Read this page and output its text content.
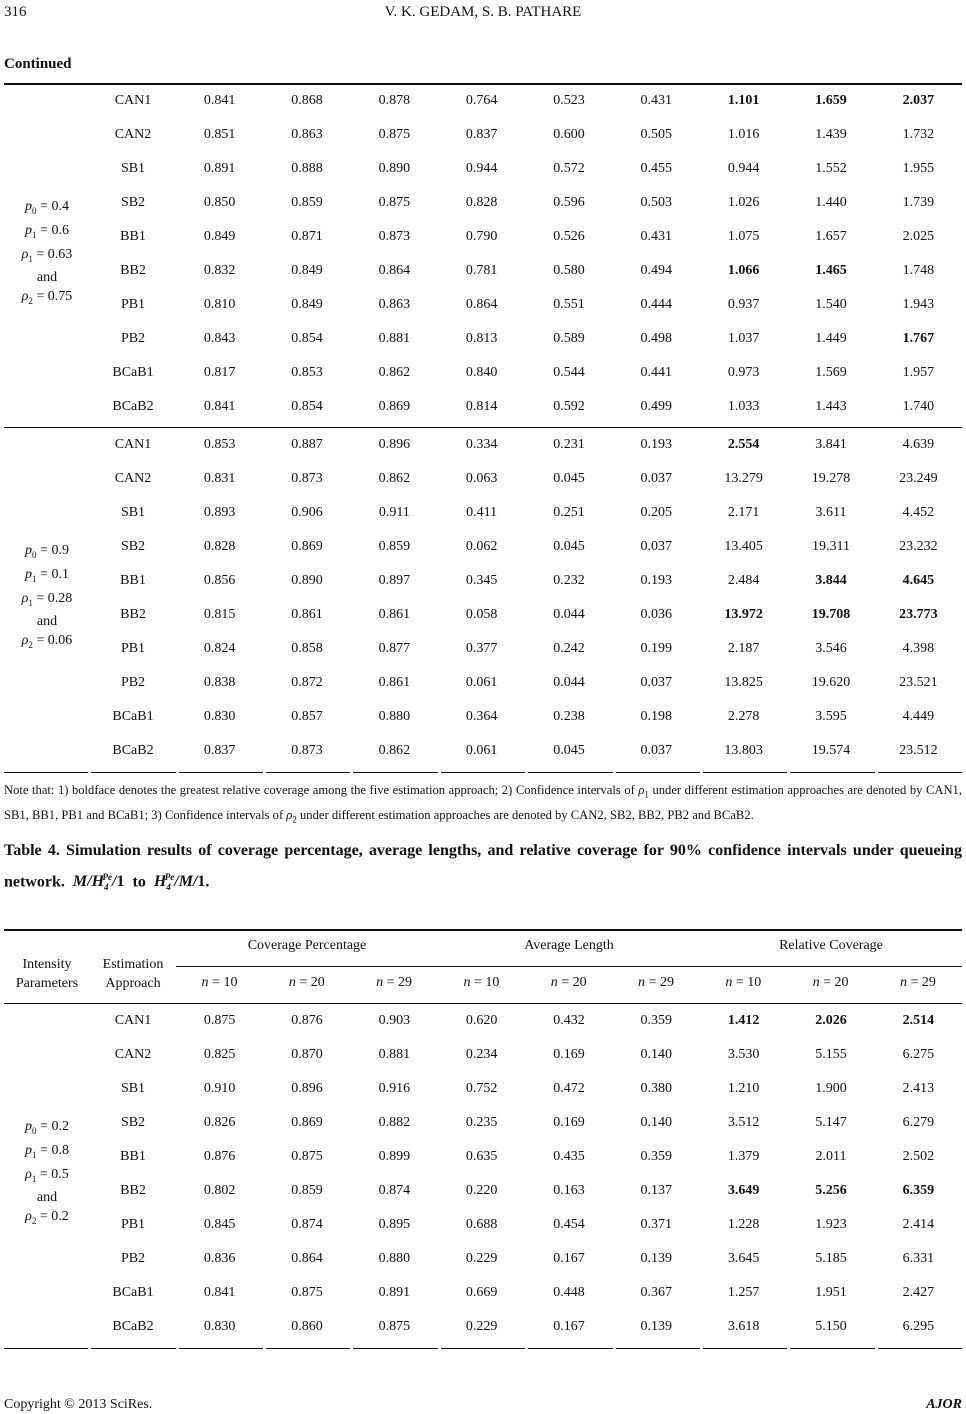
316	V. K. GEDAM, S. B. PATHARE
Continued
$p_0 = 0.4$
$p_1 = 0.6$
$\rho_1 = 0.63$
and
$\rho_2 = 0.75$	CAN1	0.841	0.868	0.878	0.764	0.523	0.431	1.101	1.659	2.037
	CAN2	0.851	0.863	0.875	0.837	0.600	0.505	1.016	1.439	1.732
	SB1	0.891	0.888	0.890	0.944	0.572	0.455	0.944	1.552	1.955
	SB2	0.850	0.859	0.875	0.828	0.596	0.503	1.026	1.440	1.739
	BB1	0.849	0.871	0.873	0.790	0.526	0.431	1.075	1.657	2.025
	BB2	0.832	0.849	0.864	0.781	0.580	0.494	1.066	1.465	1.748
	PB1	0.810	0.849	0.863	0.864	0.551	0.444	0.937	1.540	1.943
	PB2	0.843	0.854	0.881	0.813	0.589	0.498	1.037	1.449	1.767
	BCaB1	0.817	0.853	0.862	0.840	0.544	0.441	0.973	1.569	1.957
	BCaB2	0.841	0.854	0.869	0.814	0.592	0.499	1.033	1.443	1.740
$p_0 = 0.9$
$p_1 = 0.1$
$\rho_1 = 0.28$
and
$\rho_2 = 0.06$	CAN1	0.853	0.887	0.896	0.334	0.231	0.193	2.554	3.841	4.639
	CAN2	0.831	0.873	0.862	0.063	0.045	0.037	13.279	19.278	23.249
	SB1	0.893	0.906	0.911	0.411	0.251	0.205	2.171	3.611	4.452
	SB2	0.828	0.869	0.859	0.062	0.045	0.037	13.405	19.311	23.232
	BB1	0.856	0.890	0.897	0.345	0.232	0.193	2.484	3.844	4.645
	BB2	0.815	0.861	0.861	0.058	0.044	0.036	13.972	19.708	23.773
	PB1	0.824	0.858	0.877	0.377	0.242	0.199	2.187	3.546	4.398
	PB2	0.838	0.872	0.861	0.061	0.044	0.037	13.825	19.620	23.521
	BCaB1	0.830	0.857	0.880	0.364	0.238	0.198	2.278	3.595	4.449
	BCaB2	0.837	0.873	0.862	0.061	0.045	0.037	13.803	19.574	23.512
Note that: 1) boldface denotes the greatest relative coverage among the five estimation approach; 2) Confidence intervals of $\rho_1$ under different estimation approaches are denoted by CAN1, SB1, BB1, PB1 and BCaB1; 3) Confidence intervals of $\rho_2$ under different estimation approaches are denoted by CAN2, SB2, BB2, PB2 and BCaB2.
Table 4. Simulation results of coverage percentage, average lengths, and relative coverage for 90% confidence intervals under queueing network. $M/H_4^{Pe}/1$ to $H_4^{Pe}/M/1$.
Intensity
Parameters
Estimation
Approach
Coverage Percentage	Average Length	Relative Coverage
n = 10	n = 20	n = 29	n = 10	n = 20	n = 29	n = 10	n = 20	n = 29
$p_0 = 0.2$
$p_1 = 0.8$
$\rho_1 = 0.5$
and
$\rho_2 = 0.2$	CAN1	0.875	0.876	0.903	0.620	0.432	0.359	1.412	2.026	2.514
	CAN2	0.825	0.870	0.881	0.234	0.169	0.140	3.530	5.155	6.275
	SB1	0.910	0.896	0.916	0.752	0.472	0.380	1.210	1.900	2.413
	SB2	0.826	0.869	0.882	0.235	0.169	0.140	3.512	5.147	6.279
	BB1	0.876	0.875	0.899	0.635	0.435	0.359	1.379	2.011	2.502
	BB2	0.802	0.859	0.874	0.220	0.163	0.137	3.649	5.256	6.359
	PB1	0.845	0.874	0.895	0.688	0.454	0.371	1.228	1.923	2.414
	PB2	0.836	0.864	0.880	0.229	0.167	0.139	3.645	5.185	6.331
	BCaB1	0.841	0.875	0.891	0.669	0.448	0.367	1.257	1.951	2.427
	BCaB2	0.830	0.860	0.875	0.229	0.167	0.139	3.618	5.150	6.295
Copyright © 2013 SciRes.	AJOR
